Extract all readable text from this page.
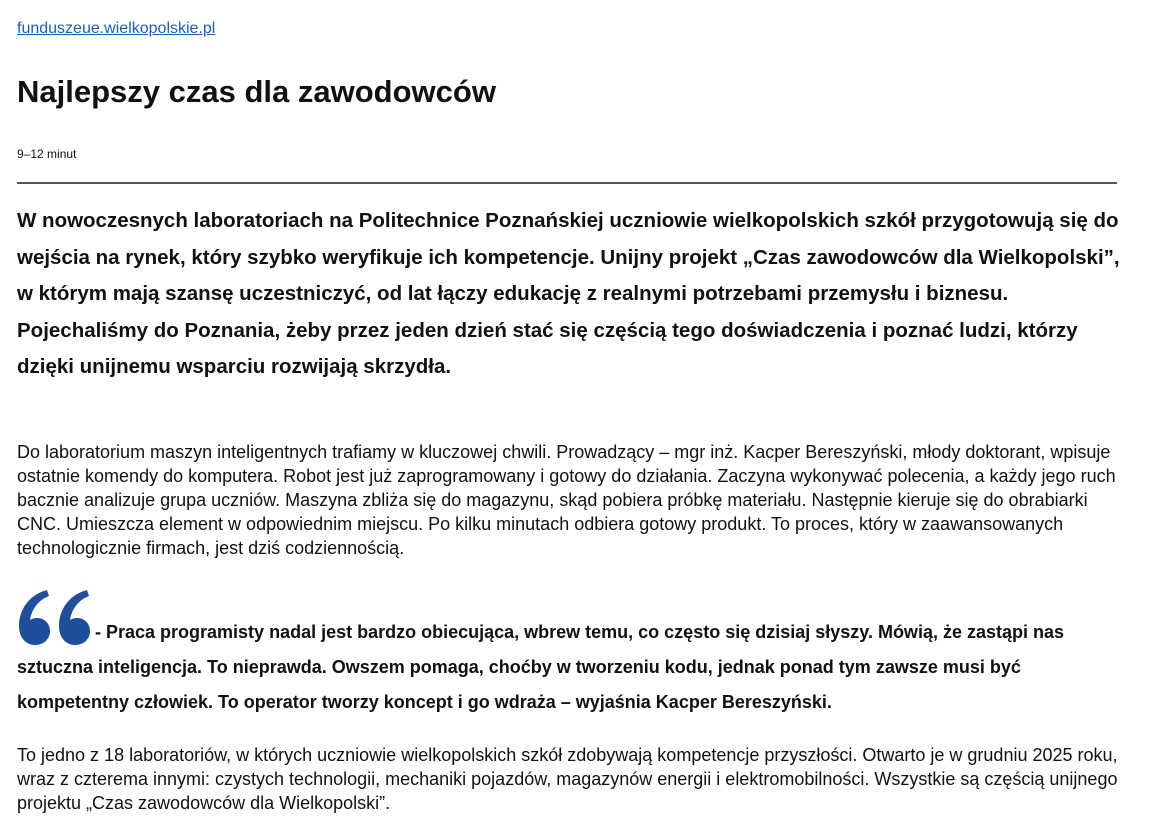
funduszeue.wielkopolskie.pl
Najlepszy czas dla zawodowców
9–12 minut

W nowoczesnych laboratoriach na Politechnice Poznańskiej uczniowie wielkopolskich szkół przygotowują się do wejścia na rynek, który szybko weryfikuje ich kompetencje. Unijny projekt „Czas zawodowców dla Wielkopolski”, w którym mają szansę uczestniczyć, od lat łączy edukację z realnymi potrzebami przemysłu i biznesu. Pojechaliśmy do Poznania, żeby przez jeden dzień stać się częścią tego doświadczenia i poznać ludzi, którzy dzięki unijnemu wsparciu rozwijają skrzydła.

Do laboratorium maszyn inteligentnych trafiamy w kluczowej chwili. Prowadzący – mgr inż. Kacper Bereszyński, młody doktorant, wpisuje ostatnie komendy do komputera. Robot jest już zaprogramowany i gotowy do działania. Zaczyna wykonywać polecenia, a każdy jego ruch bacznie analizuje grupa uczniów. Maszyna zbliża się do magazynu, skąd pobiera próbkę materiału. Następnie kieruje się do obrabiarki CNC. Umieszcza element w odpowiednim miejscu. Po kilku minutach odbiera gotowy produkt. To proces, który w zaawansowanych technologicznie firmach, jest dziś codziennością.

- Praca programisty nadal jest bardzo obiecująca, wbrew temu, co często się dzisiaj słyszy. Mówią, że zastąpi nas sztuczna inteligencja. To nieprawda. Owszem pomaga, choćby w tworzeniu kodu, jednak ponad tym zawsze musi być kompetentny człowiek. To operator tworzy koncept i go wdraża – wyjaśnia Kacper Bereszyński.

To jedno z 18 laboratoriów, w których uczniowie wielkopolskich szkół zdobywają kompetencje przyszłości. Otwarto je w grudniu 2025 roku, wraz z czterema innymi: czystych technologii, mechaniki pojazdów, magazynów energii i elektromobilności. Wszystkie są częścią unijnego projektu „Czas zawodowców dla Wielkopolski”.
